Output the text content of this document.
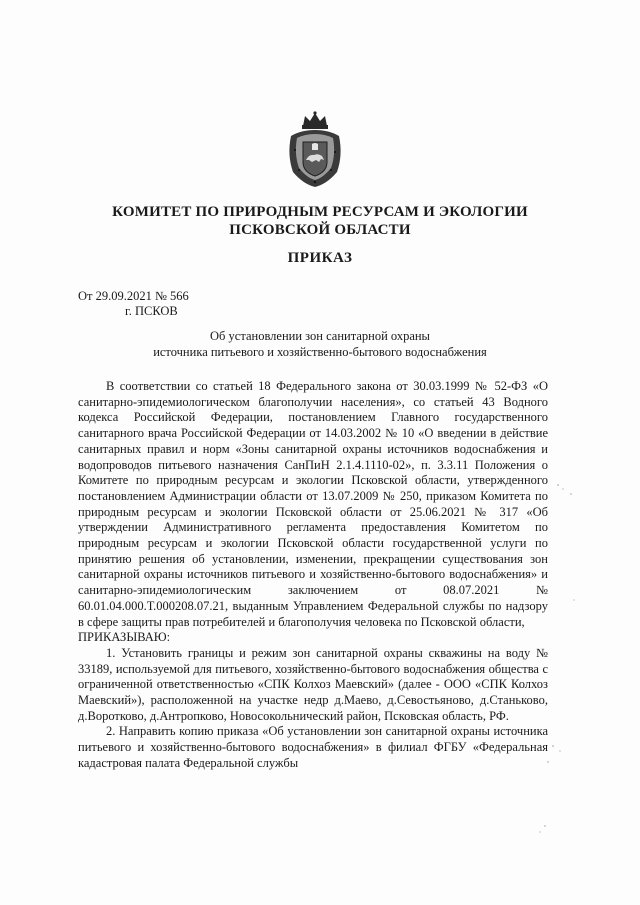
КОМИТЕТ ПО ПРИРОДНЫМ РЕСУРСАМ И ЭКОЛОГИИ
ПСКОВСКОЙ ОБЛАСТИ
ПРИКАЗ
От 29.09.2021 № 566
г. ПСКОВ
Об установлении зон санитарной охраны
источника питьевого и хозяйственно-бытового водоснабжения

В соответствии со статьей 18 Федерального закона от 30.03.1999 № 52-ФЗ «О санитарно-эпидемиологическом благополучии населения», со статьей 43 Водного кодекса Российской Федерации, постановлением Главного государственного санитарного врача Российской Федерации от 14.03.2002 № 10 «О введении в действие санитарных правил и норм «Зоны санитарной охраны источников водоснабжения и водопроводов питьевого назначения СанПиН 2.1.4.1110-02», п. 3.3.11 Положения о Комитете по природным ресурсам и экологии Псковской области, утвержденного постановлением Администрации области от 13.07.2009 № 250, приказом Комитета по природным ресурсам и экологии Псковской области от 25.06.2021 № 317 «Об утверждении Административного регламента предоставления Комитетом по природным ресурсам и экологии Псковской области государственной услуги по принятию решения об установлении, изменении, прекращении существования зон санитарной охраны источников питьевого и хозяйственно-бытового водоснабжения» и санитарно-эпидемиологическим заключением от 08.07.2021 № 60.01.04.000.Т.000208.07.21, выданным Управлением Федеральной службы по надзору в сфере защиты прав потребителей и благополучия человека по Псковской области,

ПРИКАЗЫВАЮ:

1. Установить границы и режим зон санитарной охраны скважины на воду № 33189, используемой для питьевого, хозяйственно-бытового водоснабжения общества с ограниченной ответственностью «СПК Колхоз Маевский» (далее - ООО «СПК Колхоз Маевский»), расположенной на участке недр д.Маево, д.Севостьяново, д.Станьково, д.Воротково, д.Антропково, Новосокольнический район, Псковская область, РФ.

2. Направить копию приказа «Об установлении зон санитарной охраны источника питьевого и хозяйственно-бытового водоснабжения» в филиал ФГБУ «Федеральная кадастровая палата Федеральной службы
